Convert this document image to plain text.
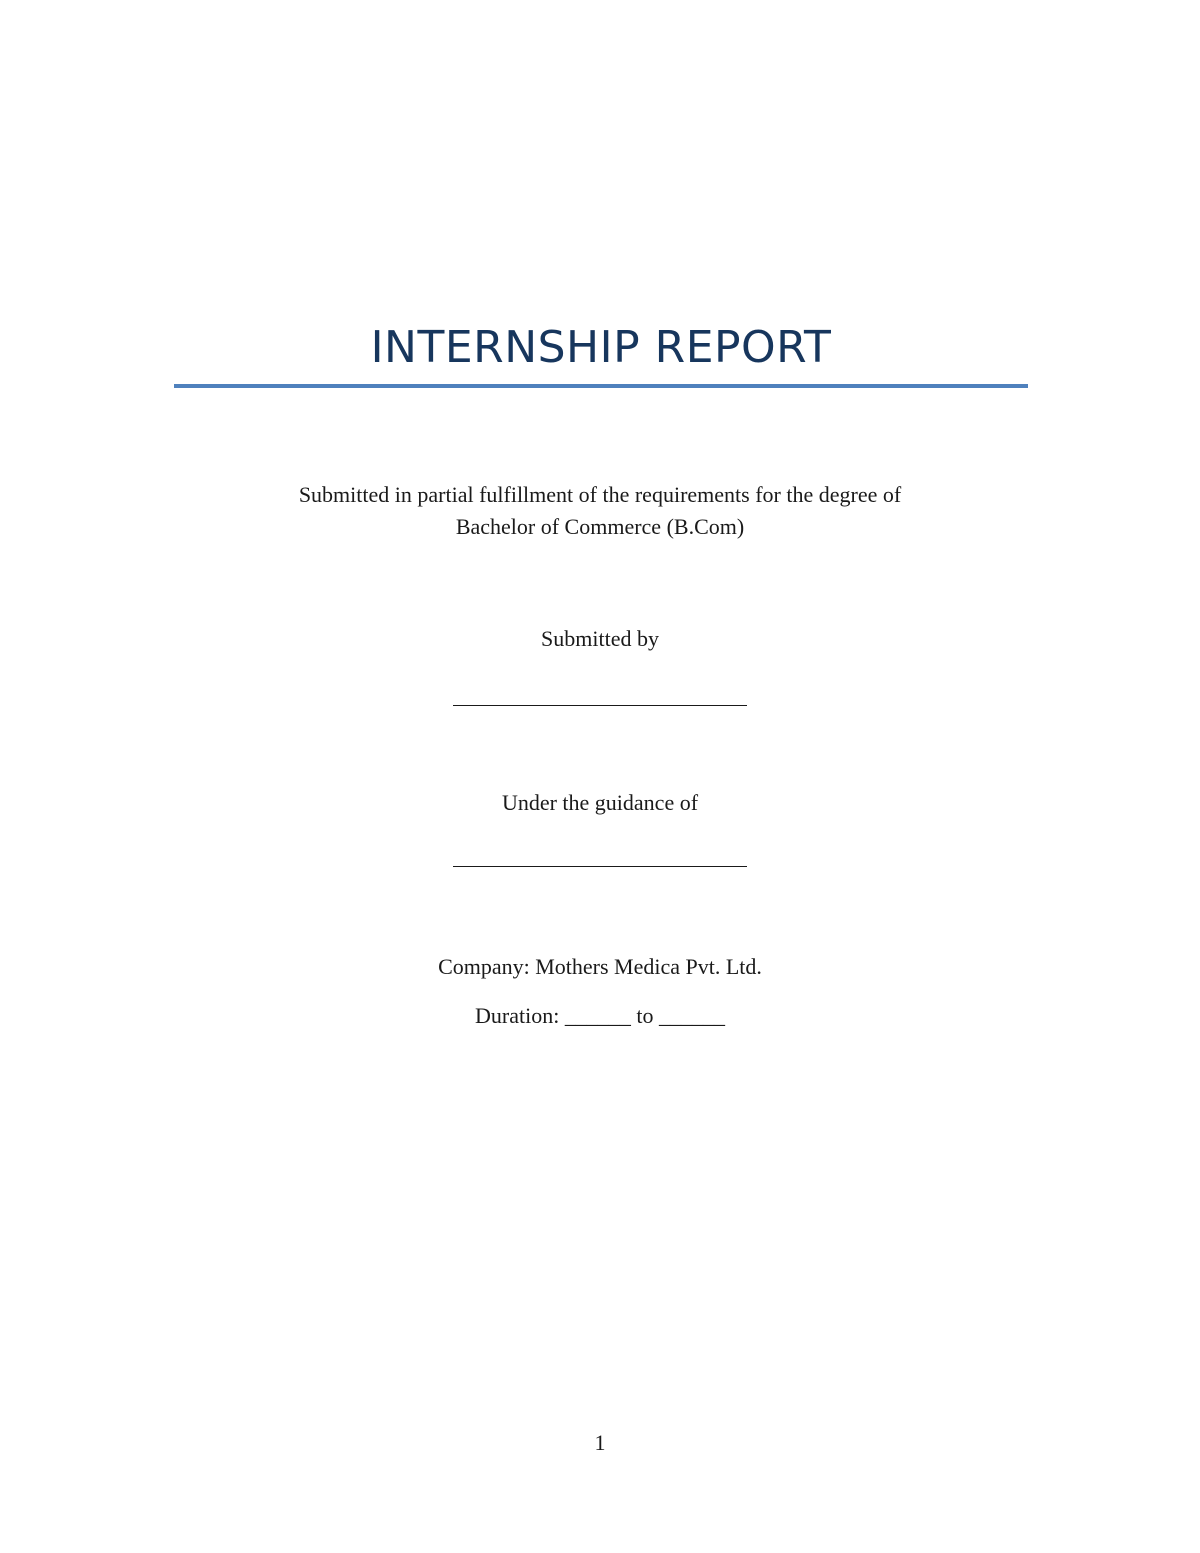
INTERNSHIP REPORT
Submitted in partial fulfillment of the requirements for the degree of
Bachelor of Commerce (B.Com)
Submitted by
Under the guidance of
Company: Mothers Medica Pvt. Ltd.
Duration: ______ to ______
1
